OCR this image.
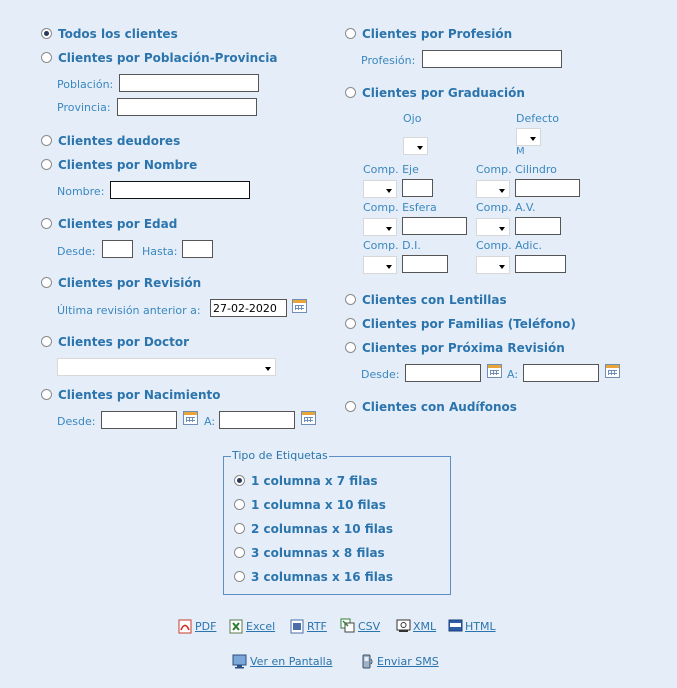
Todos los clientes
Clientes por Población-Provincia
Población:
Provincia:
Clientes deudores
Clientes por Nombre
Nombre:
Clientes por Edad
Desde:	Hasta:
Clientes por Revisión
Última revisión anterior a:
27-02-2020
Clientes por Doctor
Clientes por Nacimiento
Desde:	A:
Clientes por Profesión
Profesión:
Clientes por Graduación
Ojo	Defecto
M
Comp. Eje	Comp. Cilindro
Comp. Esfera	Comp. A.V.
Comp. D.I.	Comp. Adic.
Clientes con Lentillas
Clientes por Familias (Teléfono)
Clientes por Próxima Revisión
Desde:	A:
Clientes con Audífonos
Tipo de Etiquetas
1 columna x 7 filas
1 columna x 10 filas
2 columnas x 10 filas
3 columnas x 8 filas
3 columnas x 16 filas
PDF	Excel	RTF	CSV	XML	HTML
Ver en Pantalla	Enviar SMS
